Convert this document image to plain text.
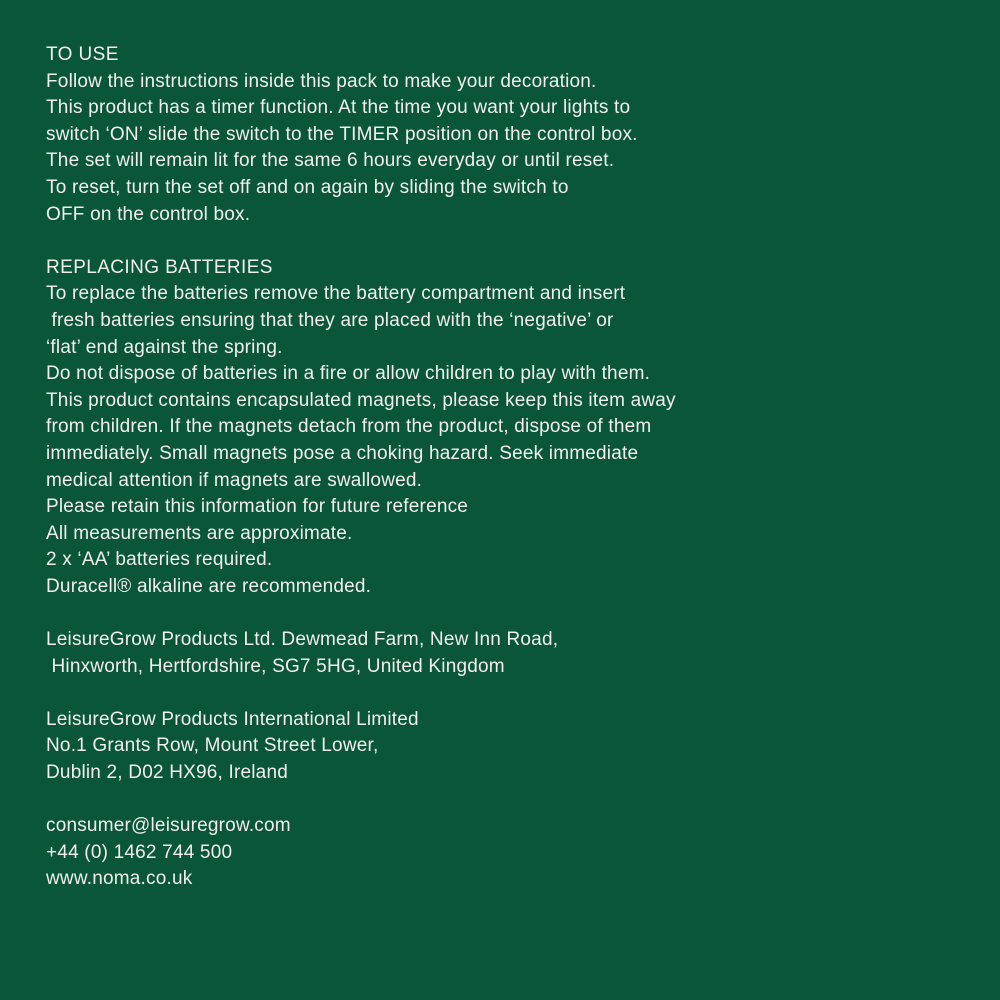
TO USE
Follow the instructions inside this pack to make your decoration.
This product has a timer function. At the time you want your lights to
switch ‘ON’ slide the switch to the TIMER position on the control box.
The set will remain lit for the same 6 hours everyday or until reset.
To reset, turn the set off and on again by sliding the switch to
OFF on the control box.
REPLACING BATTERIES
To replace the batteries remove the battery compartment and insert
fresh batteries ensuring that they are placed with the ‘negative’ or
‘flat’ end against the spring.
Do not dispose of batteries in a fire or allow children to play with them.
This product contains encapsulated magnets, please keep this item away
from children. If the magnets detach from the product, dispose of them
immediately. Small magnets pose a choking hazard. Seek immediate
medical attention if magnets are swallowed.
Please retain this information for future reference
All measurements are approximate.
2 x ‘AA’ batteries required.
Duracell® alkaline are recommended.
LeisureGrow Products Ltd. Dewmead Farm, New Inn Road,
Hinxworth, Hertfordshire, SG7 5HG, United Kingdom
LeisureGrow Products International Limited
No.1 Grants Row, Mount Street Lower,
Dublin 2, D02 HX96, Ireland
consumer@leisuregrow.com
+44 (0) 1462 744 500
www.noma.co.uk
